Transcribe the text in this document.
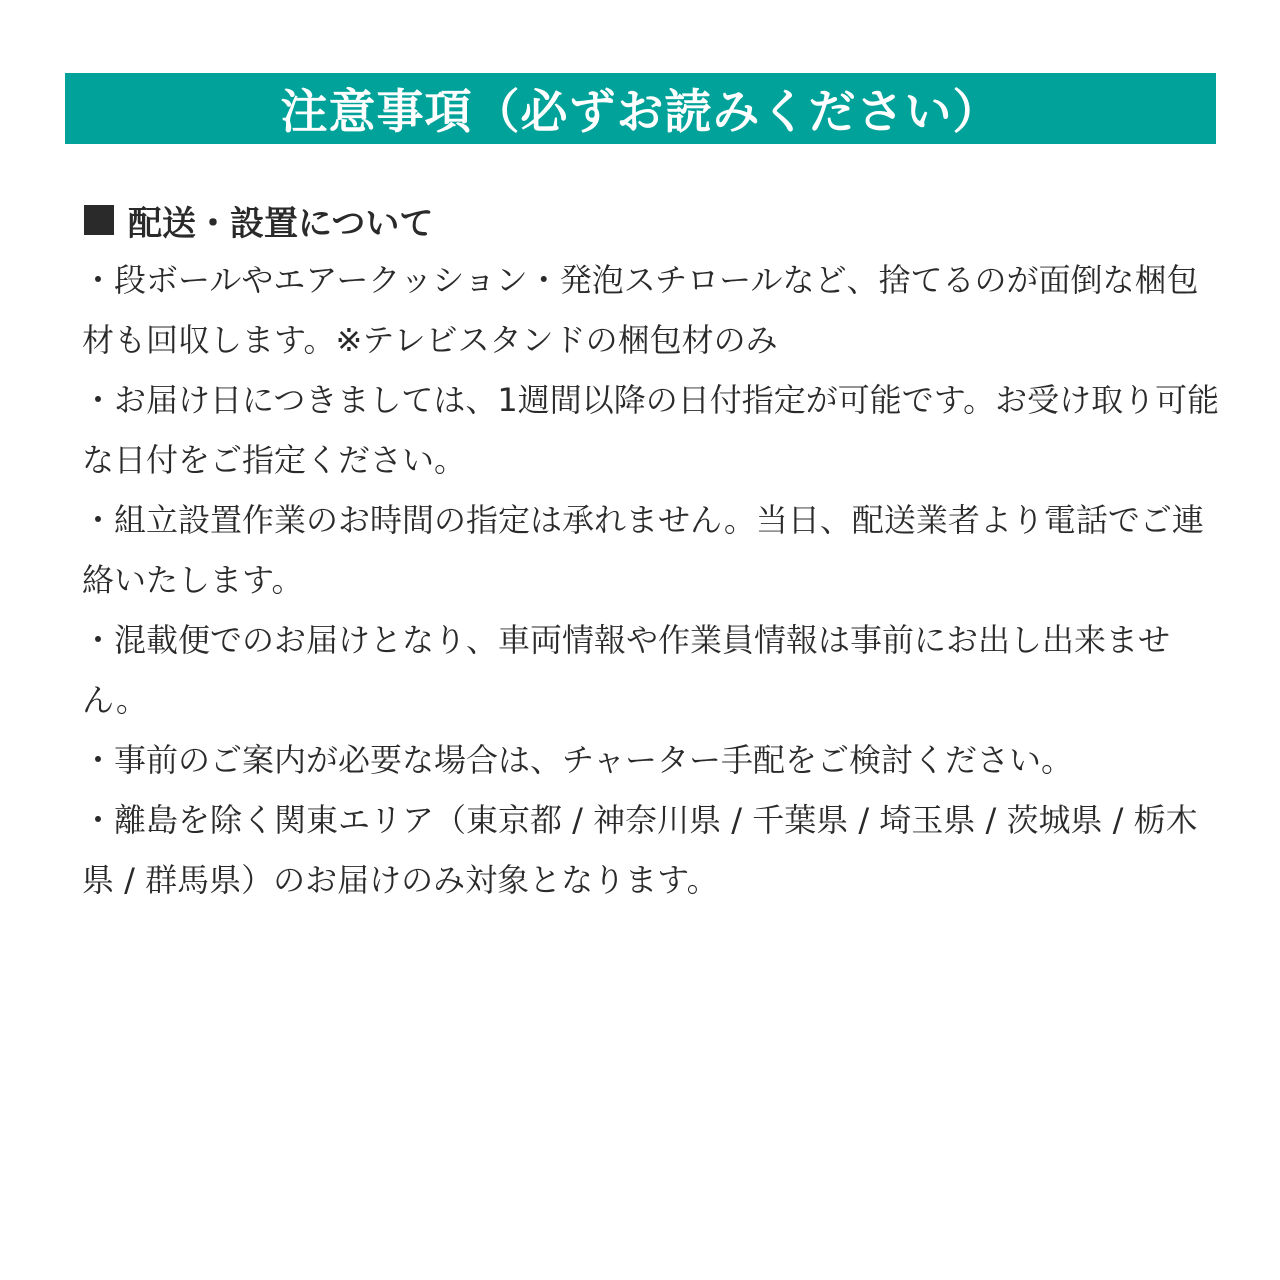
注意事項（必ずお読みください）
配送・設置について
・段ボールやエアークッション・発泡スチロールなど、捨てるのが面倒な梱包材も回収します。※テレビスタンドの梱包材のみ
・お届け日につきましては、1週間以降の日付指定が可能です。お受け取り可能な日付をご指定ください。
・組立設置作業のお時間の指定は承れません。当日、配送業者より電話でご連絡いたします。
・混載便でのお届けとなり、車両情報や作業員情報は事前にお出し出来ません。
・事前のご案内が必要な場合は、チャーター手配をご検討ください。
・離島を除く関東エリア（東京都 / 神奈川県 / 千葉県 / 埼玉県 / 茨城県 / 栃木県 / 群馬県）のお届けのみ対象となります。
